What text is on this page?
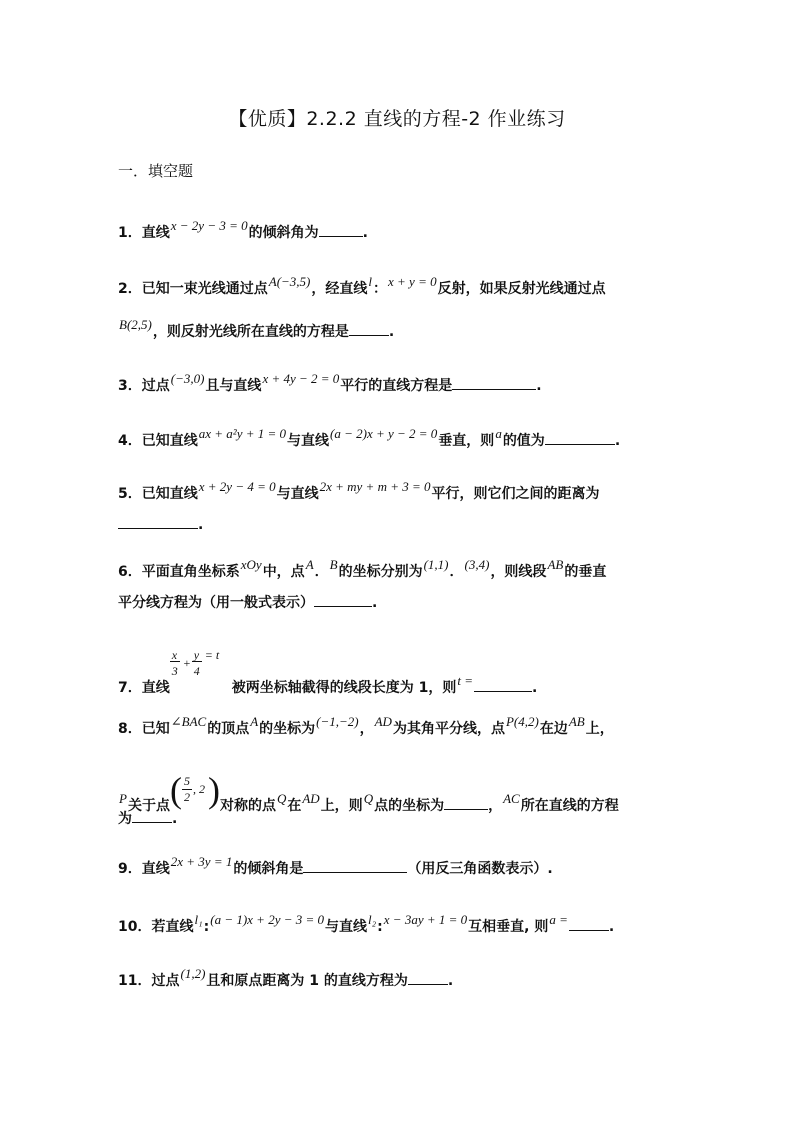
【优质】2.2.2 直线的方程-2 作业练习
一．填空题
1．直线x − 2y − 3 = 0的倾斜角为	.
2．已知一束光线通过点A(−3,5)，经直线l：x + y = 0反射，如果反射光线通过点
B(2,5)，则反射光线所在直线的方程是	.
3．过点(−3,0)且与直线x + 4y − 2 = 0平行的直线方程是	.
4．已知直线ax + a²y + 1 = 0与直线(a − 2)x + y − 2 = 0垂直，则a的值为	.
5．已知直线x + 2y − 4 = 0与直线2x + my + m + 3 = 0平行，则它们之间的距离为
.
6．平面直角坐标系xOy中，点A．B的坐标分别为(1,1)．(3,4)，则线段AB的垂直
平分线方程为（用一般式表示）	.
7．直线
x
3
+
y
4
= t
被两坐标轴截得的线段长度为 1，则t =	.
8．已知∠BAC的顶点A的坐标为(−1,−2)，AD为其角平分线，点P(4,2)在边AB上，
P关于点( 5
2
, 2 )对称的点Q在AD上，则Q点的坐标为	，AC所在直线的方程
为	.
9．直线2x + 3y = 1的倾斜角是	（用反三角函数表示）.
10．若直线l₁:(a − 1)x + 2y − 3 = 0与直线l₂:x − 3ay + 1 = 0互相垂直, 则a =	.
11．过点(1,2)且和原点距离为 1 的直线方程为	.
